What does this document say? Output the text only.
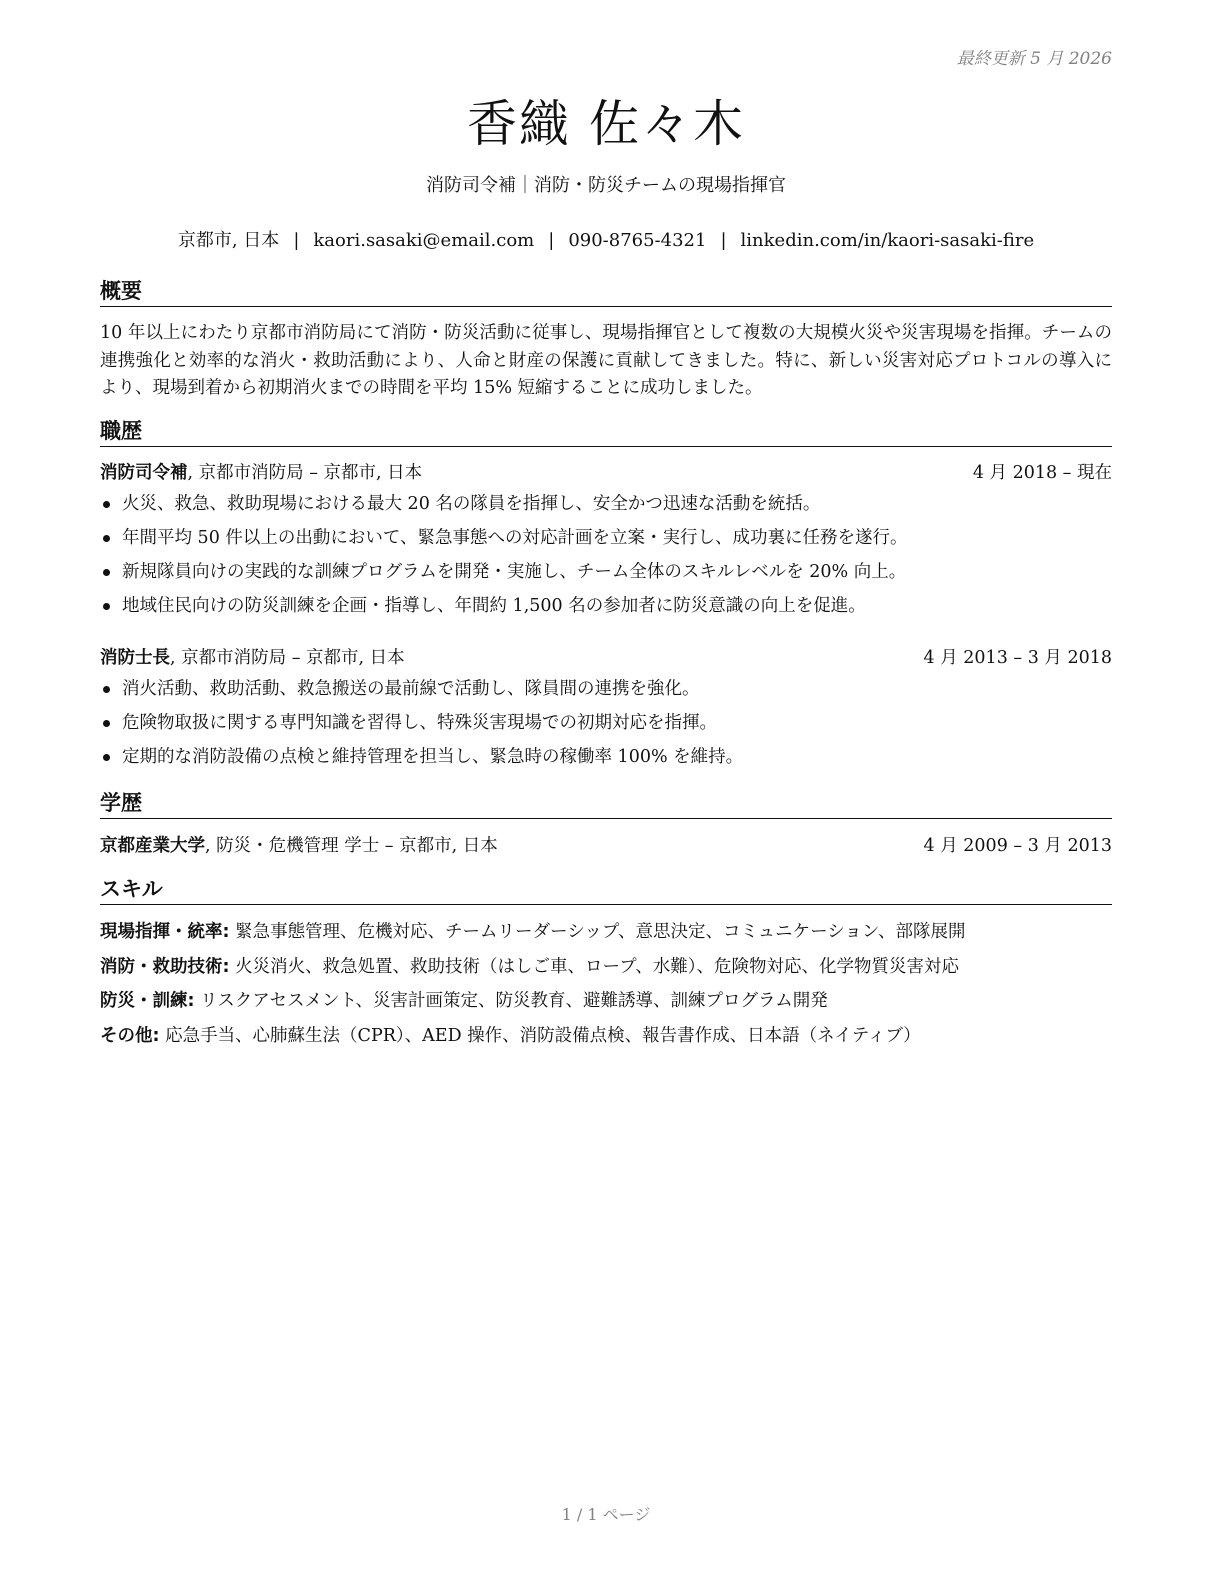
最終更新 5 月 2026
香織 佐々木
消防司令補｜消防・防災チームの現場指揮官
京都市, 日本 | kaori.sasaki@email.com | 090-8765-4321 | linkedin.com/in/kaori-sasaki-fire
概要
10 年以上にわたり京都市消防局にて消防・防災活動に従事し、現場指揮官として複数の大規模火災や災害現場を指揮。チームの連携強化と効率的な消火・救助活動により、人命と財産の保護に貢献してきました。特に、新しい災害対応プロトコルの導入により、現場到着から初期消火までの時間を平均 15% 短縮することに成功しました。
職歴
消防司令補, 京都市消防局 – 京都市, 日本	4 月 2018 – 現在
火災、救急、救助現場における最大 20 名の隊員を指揮し、安全かつ迅速な活動を統括。
年間平均 50 件以上の出動において、緊急事態への対応計画を立案・実行し、成功裏に任務を遂行。
新規隊員向けの実践的な訓練プログラムを開発・実施し、チーム全体のスキルレベルを 20% 向上。
地域住民向けの防災訓練を企画・指導し、年間約 1,500 名の参加者に防災意識の向上を促進。
消防士長, 京都市消防局 – 京都市, 日本	4 月 2013 – 3 月 2018
消火活動、救助活動、救急搬送の最前線で活動し、隊員間の連携を強化。
危険物取扱に関する専門知識を習得し、特殊災害現場での初期対応を指揮。
定期的な消防設備の点検と維持管理を担当し、緊急時の稼働率 100% を維持。
学歴
京都産業大学, 防災・危機管理 学士 – 京都市, 日本	4 月 2009 – 3 月 2013
スキル
現場指揮・統率: 緊急事態管理、危機対応、チームリーダーシップ、意思決定、コミュニケーション、部隊展開
消防・救助技術: 火災消火、救急処置、救助技術（はしご車、ロープ、水難）、危険物対応、化学物質災害対応
防災・訓練: リスクアセスメント、災害計画策定、防災教育、避難誘導、訓練プログラム開発
その他: 応急手当、心肺蘇生法（CPR）、AED 操作、消防設備点検、報告書作成、日本語（ネイティブ）
1 / 1 ページ
